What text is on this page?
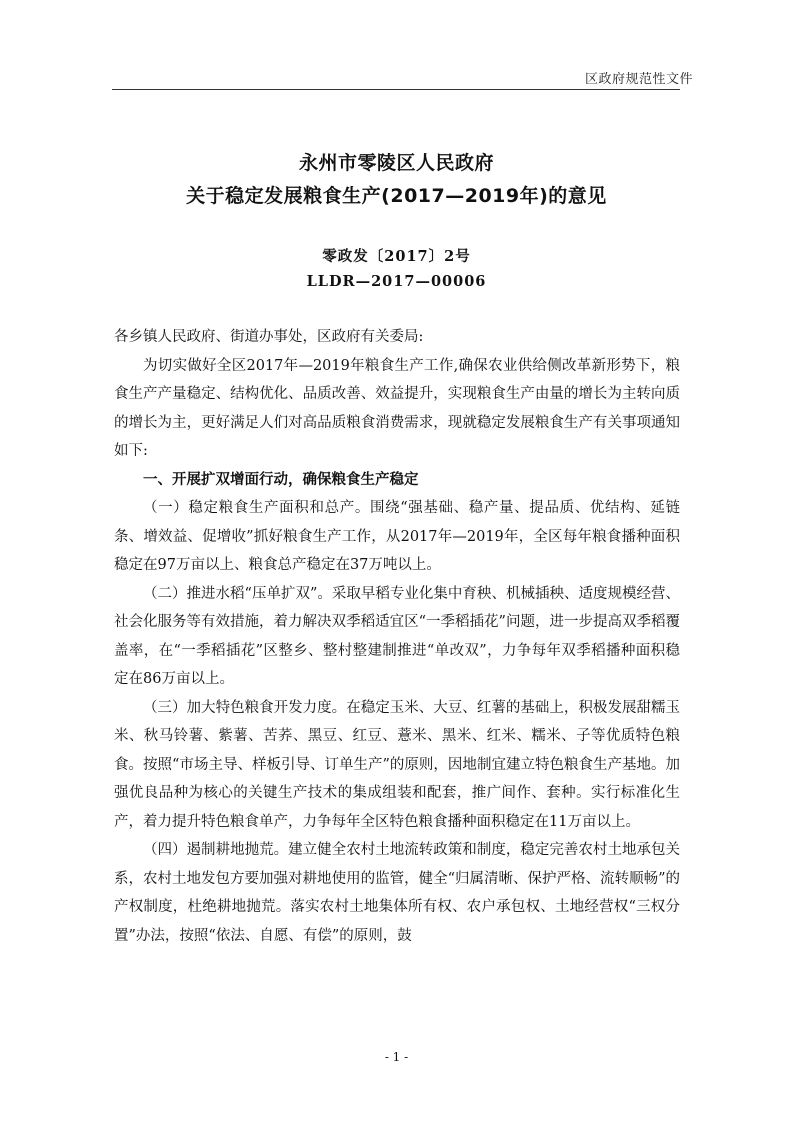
区政府规范性文件
永州市零陵区人民政府
关于稳定发展粮食生产(2017—2019年)的意见
零政发〔2017〕2号
LLDR—2017—00006

各乡镇人民政府、街道办事处，区政府有关委局:

为切实做好全区2017年—2019年粮食生产工作,确保农业供给侧改革新形势下，粮食生产产量稳定、结构优化、品质改善、效益提升，实现粮食生产由量的增长为主转向质的增长为主，更好满足人们对高品质粮食消费需求，现就稳定发展粮食生产有关事项通知如下:

一、开展扩双增面行动，确保粮食生产稳定

（一）稳定粮食生产面积和总产。围绕“强基础、稳产量、提品质、优结构、延链条、增效益、促增收”抓好粮食生产工作，从2017年—2019年，全区每年粮食播种面积稳定在97万亩以上、粮食总产稳定在37万吨以上。

（二）推进水稻“压单扩双”。采取早稻专业化集中育秧、机械插秧、适度规模经营、社会化服务等有效措施，着力解决双季稻适宜区“一季稻插花”问题，进一步提高双季稻覆盖率，在“一季稻插花”区整乡、整村整建制推进“单改双”，力争每年双季稻播种面积稳定在86万亩以上。

（三）加大特色粮食开发力度。在稳定玉米、大豆、红薯的基础上，积极发展甜糯玉米、秋马铃薯、紫薯、苦荞、黑豆、红豆、薏米、黑米、红米、糯米、子等优质特色粮食。按照“市场主导、样板引导、订单生产”的原则，因地制宜建立特色粮食生产基地。加强优良品种为核心的关键生产技术的集成组装和配套，推广间作、套种。实行标准化生产，着力提升特色粮食单产，力争每年全区特色粮食播种面积稳定在11万亩以上。

（四）遏制耕地抛荒。建立健全农村土地流转政策和制度，稳定完善农村土地承包关系，农村土地发包方要加强对耕地使用的监管，健全“归属清晰、保护严格、流转顺畅”的产权制度，杜绝耕地抛荒。落实农村土地集体所有权、农户承包权、土地经营权“三权分置”办法，按照“依法、自愿、有偿”的原则，鼓

- 1 -
